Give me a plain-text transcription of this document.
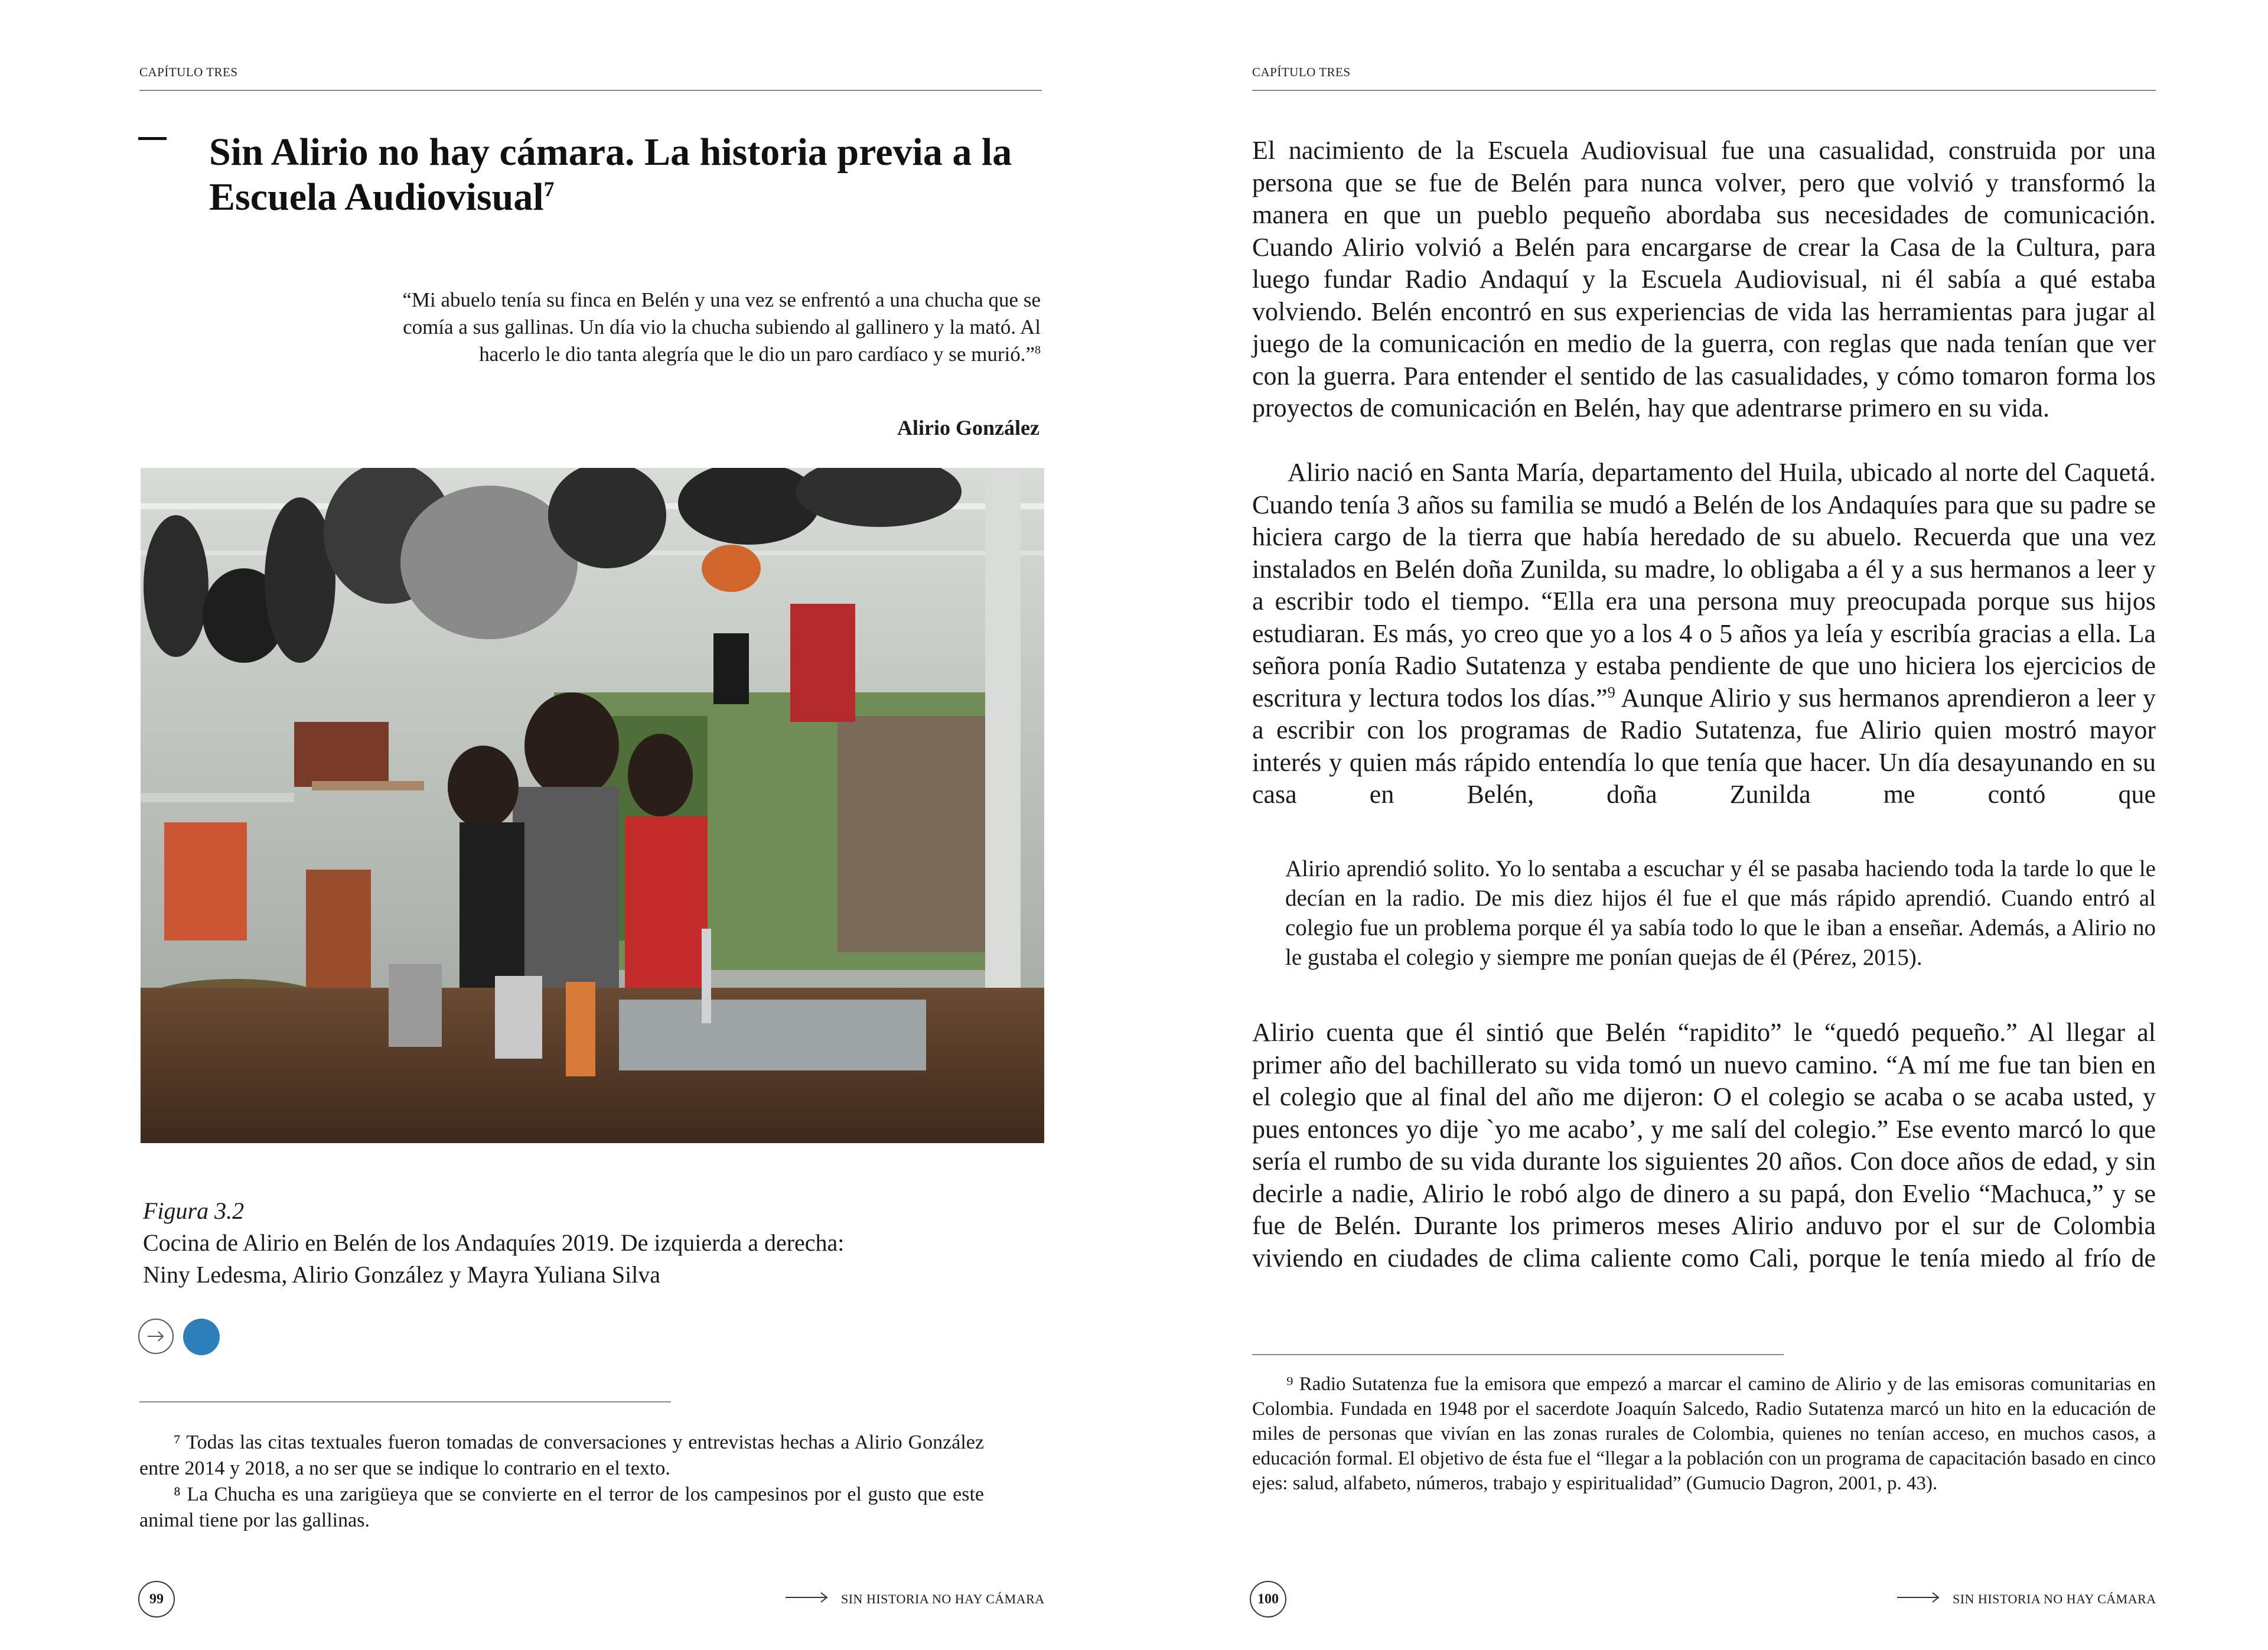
CAPÍTULO TRES
Sin Alirio no hay cámara. La historia previa a la Escuela Audiovisual$^7$

“Mi abuelo tenía su finca en Belén y una vez se enfrentó a una chucha que se comía a sus gallinas. Un día vio la chucha subiendo al gallinero y la mató. Al hacerlo le dio tanta alegría que le dio un paro cardíaco y se murió.”$^8$

Alirio González

Figura 3.2

Cocina de Alirio en Belén de los Andaquíes 2019. De izquierda a derecha: Niny Ledesma, Alirio González y Mayra Yuliana Silva

⁷ Todas las citas textuales fueron tomadas de conversaciones y entrevistas hechas a Alirio González entre 2014 y 2018, a no ser que se indique lo contrario en el texto.

⁸ La Chucha es una zarigüeya que se convierte en el terror de los campesinos por el gusto que este animal tiene por las gallinas.

99	SIN HISTORIA NO HAY CÁMARA
CAPÍTULO TRES

El nacimiento de la Escuela Audiovisual fue una casualidad, construida por una persona que se fue de Belén para nunca volver, pero que volvió y transformó la manera en que un pueblo pequeño abordaba sus necesidades de comunicación. Cuando Alirio volvió a Belén para encargarse de crear la Casa de la Cultura, para luego fundar Radio Andaquí y la Escuela Audiovisual, ni él sabía a qué estaba volviendo. Belén encontró en sus experiencias de vida las herramientas para jugar al juego de la comunicación en medio de la guerra, con reglas que nada tenían que ver con la guerra. Para entender el sentido de las casualidades, y cómo tomaron forma los proyectos de comunicación en Belén, hay que adentrarse primero en su vida.

Alirio nació en Santa María, departamento del Huila, ubicado al norte del Caquetá. Cuando tenía 3 años su familia se mudó a Belén de los Andaquíes para que su padre se hiciera cargo de la tierra que había heredado de su abuelo. Recuerda que una vez instalados en Belén doña Zunilda, su madre, lo obligaba a él y a sus hermanos a leer y a escribir todo el tiempo. “Ella era una persona muy preocupada porque sus hijos estudiaran. Es más, yo creo que yo a los 4 o 5 años ya leía y escribía gracias a ella. La señora ponía Radio Sutatenza y estaba pendiente de que uno hiciera los ejercicios de escritura y lectura todos los días.”$^9$ Aunque Alirio y sus hermanos aprendieron a leer y a escribir con los programas de Radio Sutatenza, fue Alirio quien mostró mayor interés y quien más rápido entendía lo que tenía que hacer. Un día desayunando en su casa en Belén, doña Zunilda me contó que

Alirio aprendió solito. Yo lo sentaba a escuchar y él se pasaba haciendo toda la tarde lo que le decían en la radio. De mis diez hijos él fue el que más rápido aprendió. Cuando entró al colegio fue un problema porque él ya sabía todo lo que le iban a enseñar. Además, a Alirio no le gustaba el colegio y siempre me ponían quejas de él (Pérez, 2015).

Alirio cuenta que él sintió que Belén “rapidito” le “quedó pequeño.” Al llegar al primer año del bachillerato su vida tomó un nuevo camino. “A mí me fue tan bien en el colegio que al final del año me dijeron: O el colegio se acaba o se acaba usted, y pues entonces yo dije `yo me acabo’, y me salí del colegio.” Ese evento marcó lo que sería el rumbo de su vida durante los siguientes 20 años. Con doce años de edad, y sin decirle a nadie, Alirio le robó algo de dinero a su papá, don Evelio “Machuca,” y se fue de Belén. Durante los primeros meses Alirio anduvo por el sur de Colombia viviendo en ciudades de clima caliente como Cali, porque le tenía miedo al frío de

⁹ Radio Sutatenza fue la emisora que empezó a marcar el camino de Alirio y de las emisoras comunitarias en Colombia. Fundada en 1948 por el sacerdote Joaquín Salcedo, Radio Sutatenza marcó un hito en la educación de miles de personas que vivían en las zonas rurales de Colombia, quienes no tenían acceso, en muchos casos, a educación formal. El objetivo de ésta fue el “llegar a la población con un programa de capacitación basado en cinco ejes: salud, alfabeto, números, trabajo y espiritualidad” (Gumucio Dagron, 2001, p. 43).

100	SIN HISTORIA NO HAY CÁMARA
